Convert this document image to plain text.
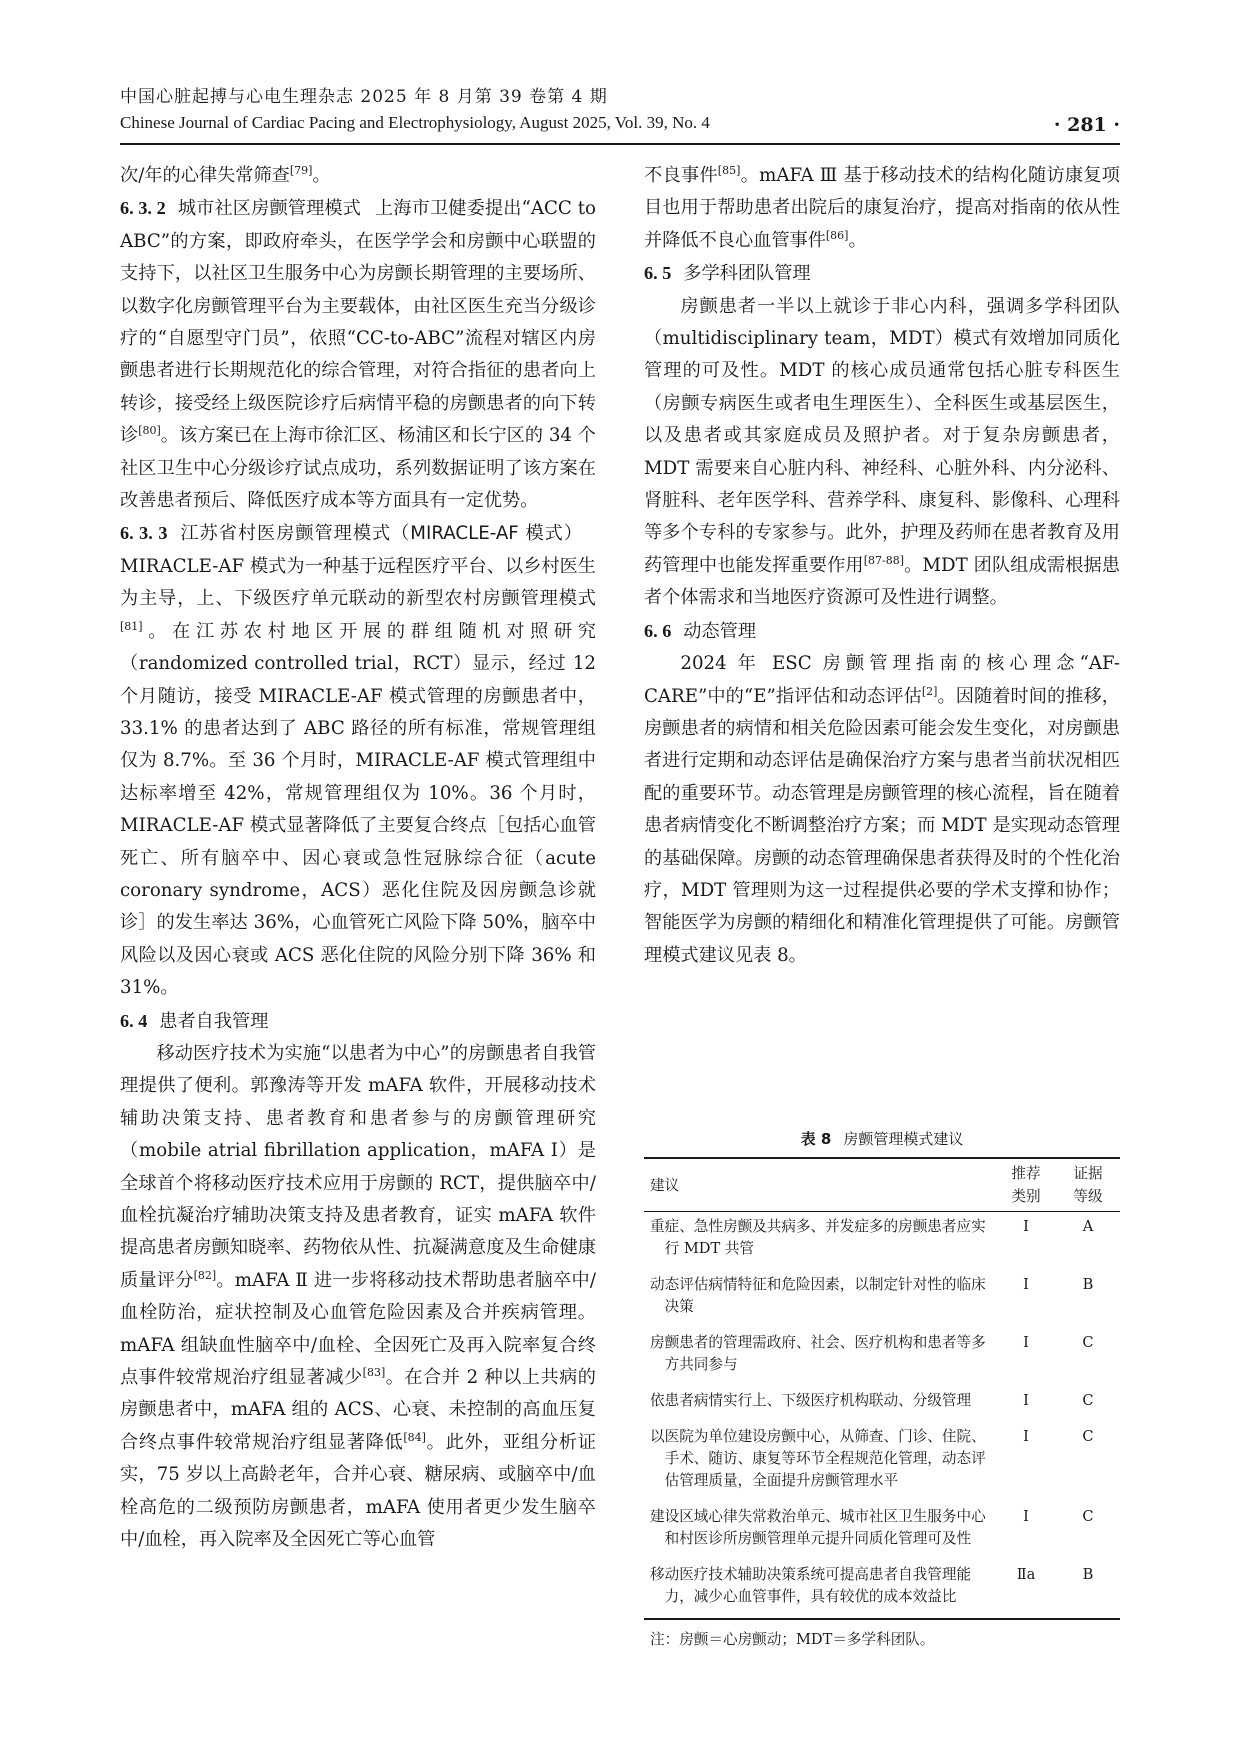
中国心脏起搏与心电生理杂志 2025 年 8 月第 39 卷第 4 期

Chinese Journal of Cardiac Pacing and Electrophysiology, August 2025, Vol. 39, No. 4	· 281 ·

次/年的心律失常筛查[79]。

6. 3. 2 城市社区房颤管理模式 上海市卫健委提出“ACC to ABC”的方案，即政府牵头，在医学学会和房颤中心联盟的支持下，以社区卫生服务中心为房颤长期管理的主要场所、以数字化房颤管理平台为主要载体，由社区医生充当分级诊疗的“自愿型守门员”，依照“CC-to-ABC”流程对辖区内房颤患者进行长期规范化的综合管理，对符合指征的患者向上转诊，接受经上级医院诊疗后病情平稳的房颤患者的向下转诊[80]。该方案已在上海市徐汇区、杨浦区和长宁区的 34 个社区卫生中心分级诊疗试点成功，系列数据证明了该方案在改善患者预后、降低医疗成本等方面具有一定优势。

6. 3. 3 江苏省村医房颤管理模式（MIRACLE-AF 模式）MIRACLE-AF 模式为一种基于远程医疗平台、以乡村医生为主导，上、下级医疗单元联动的新型农村房颤管理模式[81]。在江苏农村地区开展的群组随机对照研究（randomized controlled trial，RCT）显示，经过 12 个月随访，接受 MIRACLE-AF 模式管理的房颤患者中，33.1% 的患者达到了 ABC 路径的所有标准，常规管理组仅为 8.7%。至 36 个月时，MIRACLE-AF 模式管理组中达标率增至 42%，常规管理组仅为 10%。36 个月时，MIRACLE-AF 模式显著降低了主要复合终点［包括心血管死亡、所有脑卒中、因心衰或急性冠脉综合征（acute coronary syndrome，ACS）恶化住院及因房颤急诊就诊］的发生率达 36%，心血管死亡风险下降 50%，脑卒中风险以及因心衰或 ACS 恶化住院的风险分别下降 36% 和 31%。

6. 4 患者自我管理

移动医疗技术为实施“以患者为中心”的房颤患者自我管理提供了便利。郭豫涛等开发 mAFA 软件，开展移动技术辅助决策支持、患者教育和患者参与的房颤管理研究（mobile atrial fibrillation application，mAFA Ⅰ）是全球首个将移动医疗技术应用于房颤的 RCT，提供脑卒中/血栓抗凝治疗辅助决策支持及患者教育，证实 mAFA 软件提高患者房颤知晓率、药物依从性、抗凝满意度及生命健康质量评分[82]。mAFA Ⅱ 进一步将移动技术帮助患者脑卒中/血栓防治，症状控制及心血管危险因素及合并疾病管理。mAFA 组缺血性脑卒中/血栓、全因死亡及再入院率复合终点事件较常规治疗组显著减少[83]。在合并 2 种以上共病的房颤患者中，mAFA 组的 ACS、心衰、未控制的高血压复合终点事件较常规治疗组显著降低[84]。此外，亚组分析证实，75 岁以上高龄老年，合并心衰、糖尿病、或脑卒中/血栓高危的二级预防房颤患者，mAFA 使用者更少发生脑卒中/血栓，再入院率及全因死亡等心血管

不良事件[85]。mAFA Ⅲ 基于移动技术的结构化随访康复项目也用于帮助患者出院后的康复治疗，提高对指南的依从性并降低不良心血管事件[86]。

6. 5 多学科团队管理

房颤患者一半以上就诊于非心内科，强调多学科团队（multidisciplinary team，MDT）模式有效增加同质化管理的可及性。MDT 的核心成员通常包括心脏专科医生（房颤专病医生或者电生理医生）、全科医生或基层医生，以及患者或其家庭成员及照护者。对于复杂房颤患者，MDT 需要来自心脏内科、神经科、心脏外科、内分泌科、肾脏科、老年医学科、营养学科、康复科、影像科、心理科等多个专科的专家参与。此外，护理及药师在患者教育及用药管理中也能发挥重要作用[87-88]。MDT 团队组成需根据患者个体需求和当地医疗资源可及性进行调整。

6. 6 动态管理

2024 年 ESC 房颤管理指南的核心理念“AF-CARE”中的“E”指评估和动态评估[2]。因随着时间的推移，房颤患者的病情和相关危险因素可能会发生变化，对房颤患者进行定期和动态评估是确保治疗方案与患者当前状况相匹配的重要环节。动态管理是房颤管理的核心流程，旨在随着患者病情变化不断调整治疗方案；而 MDT 是实现动态管理的基础保障。房颤的动态管理确保患者获得及时的个性化治疗，MDT 管理则为这一过程提供必要的学术支撑和协作；智能医学为房颤的精细化和精准化管理提供了可能。房颤管理模式建议见表 8。

表 8 房颤管理模式建议
建议	推荐类别	证据等级

重症、急性房颤及共病多、并发症多的房颤患者应实行 MDT 共管	Ⅰ	A

动态评估病情特征和危险因素，以制定针对性的临床决策	Ⅰ	B

房颤患者的管理需政府、社会、医疗机构和患者等多方共同参与	Ⅰ	C

依患者病情实行上、下级医疗机构联动、分级管理	Ⅰ	C

以医院为单位建设房颤中心，从筛查、门诊、住院、手术、随访、康复等环节全程规范化管理，动态评估管理质量，全面提升房颤管理水平	Ⅰ	C

建设区域心律失常救治单元、城市社区卫生服务中心和村医诊所房颤管理单元提升同质化管理可及性	Ⅰ	C

移动医疗技术辅助决策系统可提高患者自我管理能力，减少心血管事件，具有较优的成本效益比	Ⅱa	B
注：房颤＝心房颤动；MDT＝多学科团队。
